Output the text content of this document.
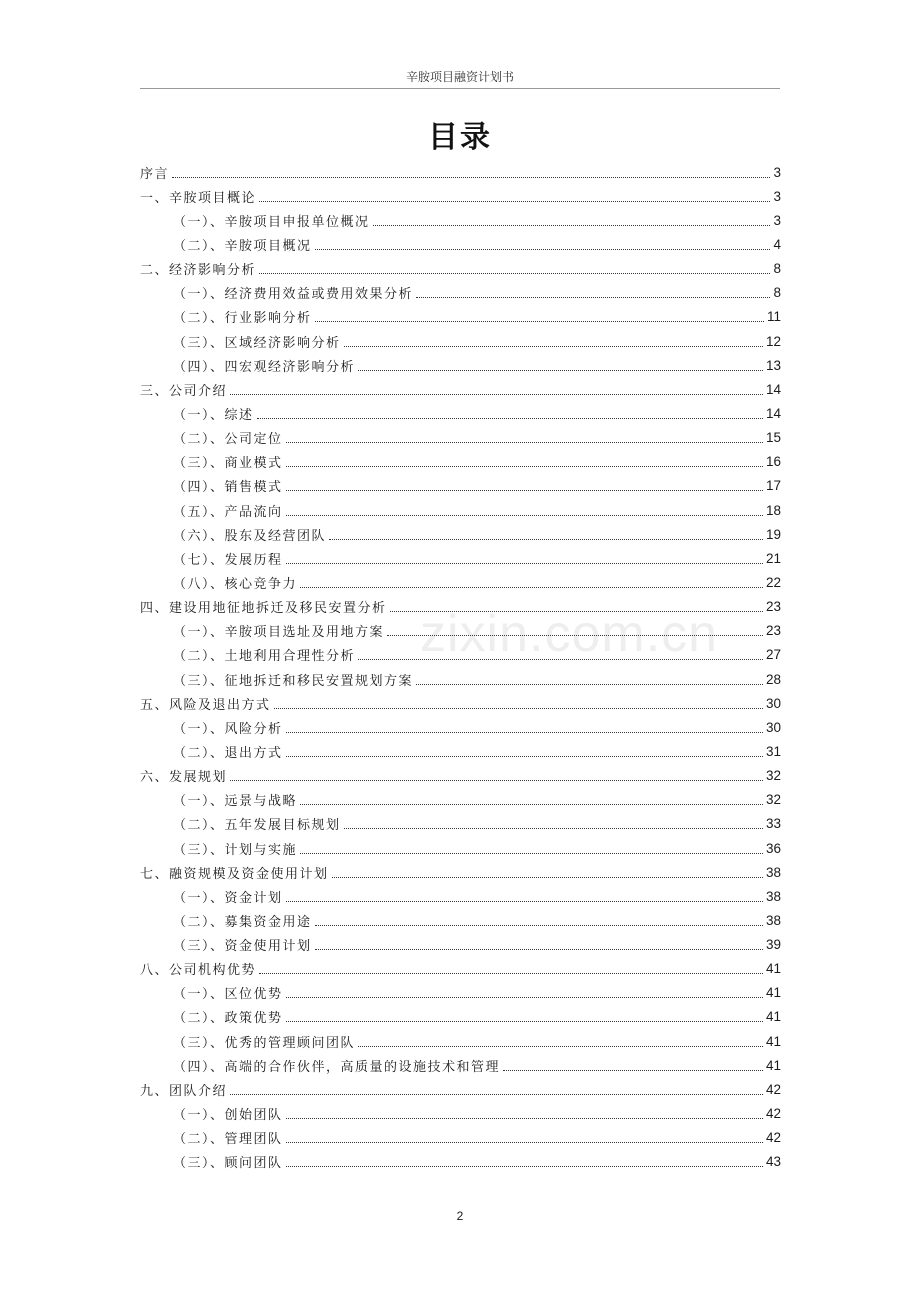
辛胺项目融资计划书
目录
序言	3
一、辛胺项目概论	3
（一）、辛胺项目申报单位概况	3
（二）、辛胺项目概况	4
二、经济影响分析	8
（一）、经济费用效益或费用效果分析	8
（二）、行业影响分析	11
（三）、区域经济影响分析	12
（四）、四宏观经济影响分析	13
三、公司介绍	14
（一）、综述	14
（二）、公司定位	15
（三）、商业模式	16
（四）、销售模式	17
（五）、产品流向	18
（六）、股东及经营团队	19
（七）、发展历程	21
（八）、核心竞争力	22
四、建设用地征地拆迁及移民安置分析	23
（一）、辛胺项目选址及用地方案	23
（二）、土地利用合理性分析	27
（三）、征地拆迁和移民安置规划方案	28
五、风险及退出方式	30
（一）、风险分析	30
（二）、退出方式	31
六、发展规划	32
（一）、远景与战略	32
（二）、五年发展目标规划	33
（三）、计划与实施	36
七、融资规模及资金使用计划	38
（一）、资金计划	38
（二）、募集资金用途	38
（三）、资金使用计划	39
八、公司机构优势	41
（一）、区位优势	41
（二）、政策优势	41
（三）、优秀的管理顾问团队	41
（四）、高端的合作伙伴，高质量的设施技术和管理	41
九、团队介绍	42
（一）、创始团队	42
（二）、管理团队	42
（三）、顾问团队	43
zixin.com.cn
2
